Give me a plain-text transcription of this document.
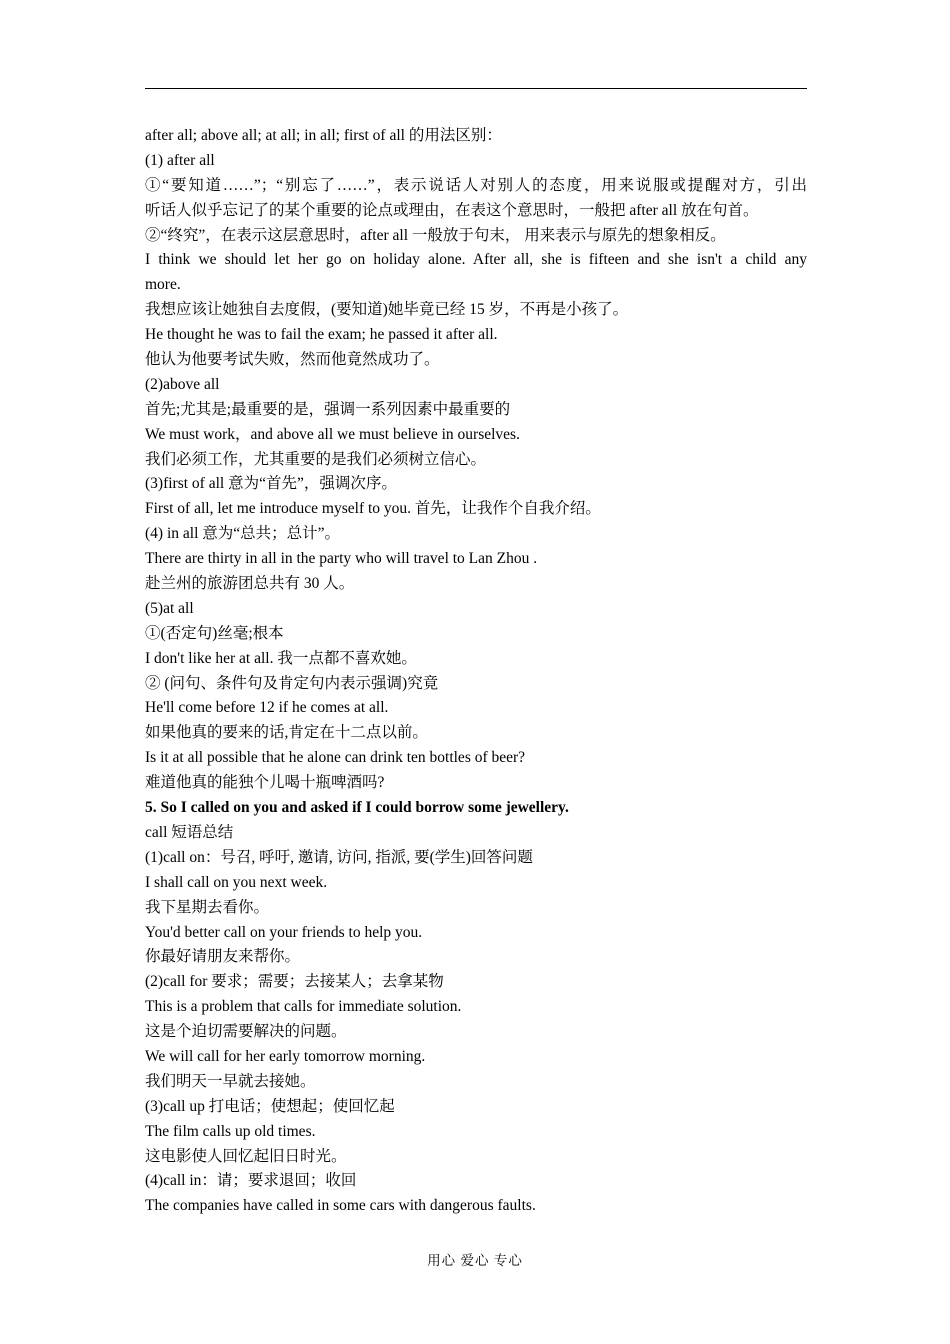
after all; above all; at all; in all; first of all 的用法区别：
(1) after all
①“要知道……”；“别忘了……”，表示说话人对别人的态度，用来说服或提醒对方，引出
听话人似乎忘记了的某个重要的论点或理由，在表这个意思时，一般把 after all 放在句首。
②“终究”，在表示这层意思时，after all 一般放于句末， 用来表示与原先的想象相反。
I think we should let her go on holiday alone. After all, she is fifteen and she isn't a child any
more.
我想应该让她独自去度假，(要知道)她毕竟已经 15 岁，不再是小孩了。
He thought he was to fail the exam; he passed it after all.
他认为他要考试失败，然而他竟然成功了。
(2)above all
首先;尤其是;最重要的是，强调一系列因素中最重要的
We must work，and above all we must believe in ourselves.
我们必须工作，尤其重要的是我们必须树立信心。
(3)first of all 意为“首先”，强调次序。
First of all, let me introduce myself to you. 首先，让我作个自我介绍。
(4) in all 意为“总共；总计”。
There are thirty in all in the party who will travel to Lan Zhou .
赴兰州的旅游团总共有 30 人。
(5)at all
①(否定句)丝毫;根本
I don't like her at all. 我一点都不喜欢她。
② (问句、条件句及肯定句内表示强调)究竟
He'll come before 12 if he comes at all.
如果他真的要来的话,肯定在十二点以前。
Is it at all possible that he alone can drink ten bottles of beer?
难道他真的能独个儿喝十瓶啤酒吗?
5. So I called on you and asked if I could borrow some jewellery.
call 短语总结
(1)call on：号召, 呼吁, 邀请, 访问, 指派, 要(学生)回答问题
I shall call on you next week.
我下星期去看你。
You'd better call on your friends to help you.
你最好请朋友来帮你。
(2)call for 要求；需要；去接某人；去拿某物
This is a problem that calls for immediate solution.
这是个迫切需要解决的问题。
We will call for her early tomorrow morning.
我们明天一早就去接她。
(3)call up 打电话；使想起；使回忆起
The film calls up old times.
这电影使人回忆起旧日时光。
(4)call in：请；要求退回；收回
The companies have called in some cars with dangerous faults.
用心 爱心 专心
